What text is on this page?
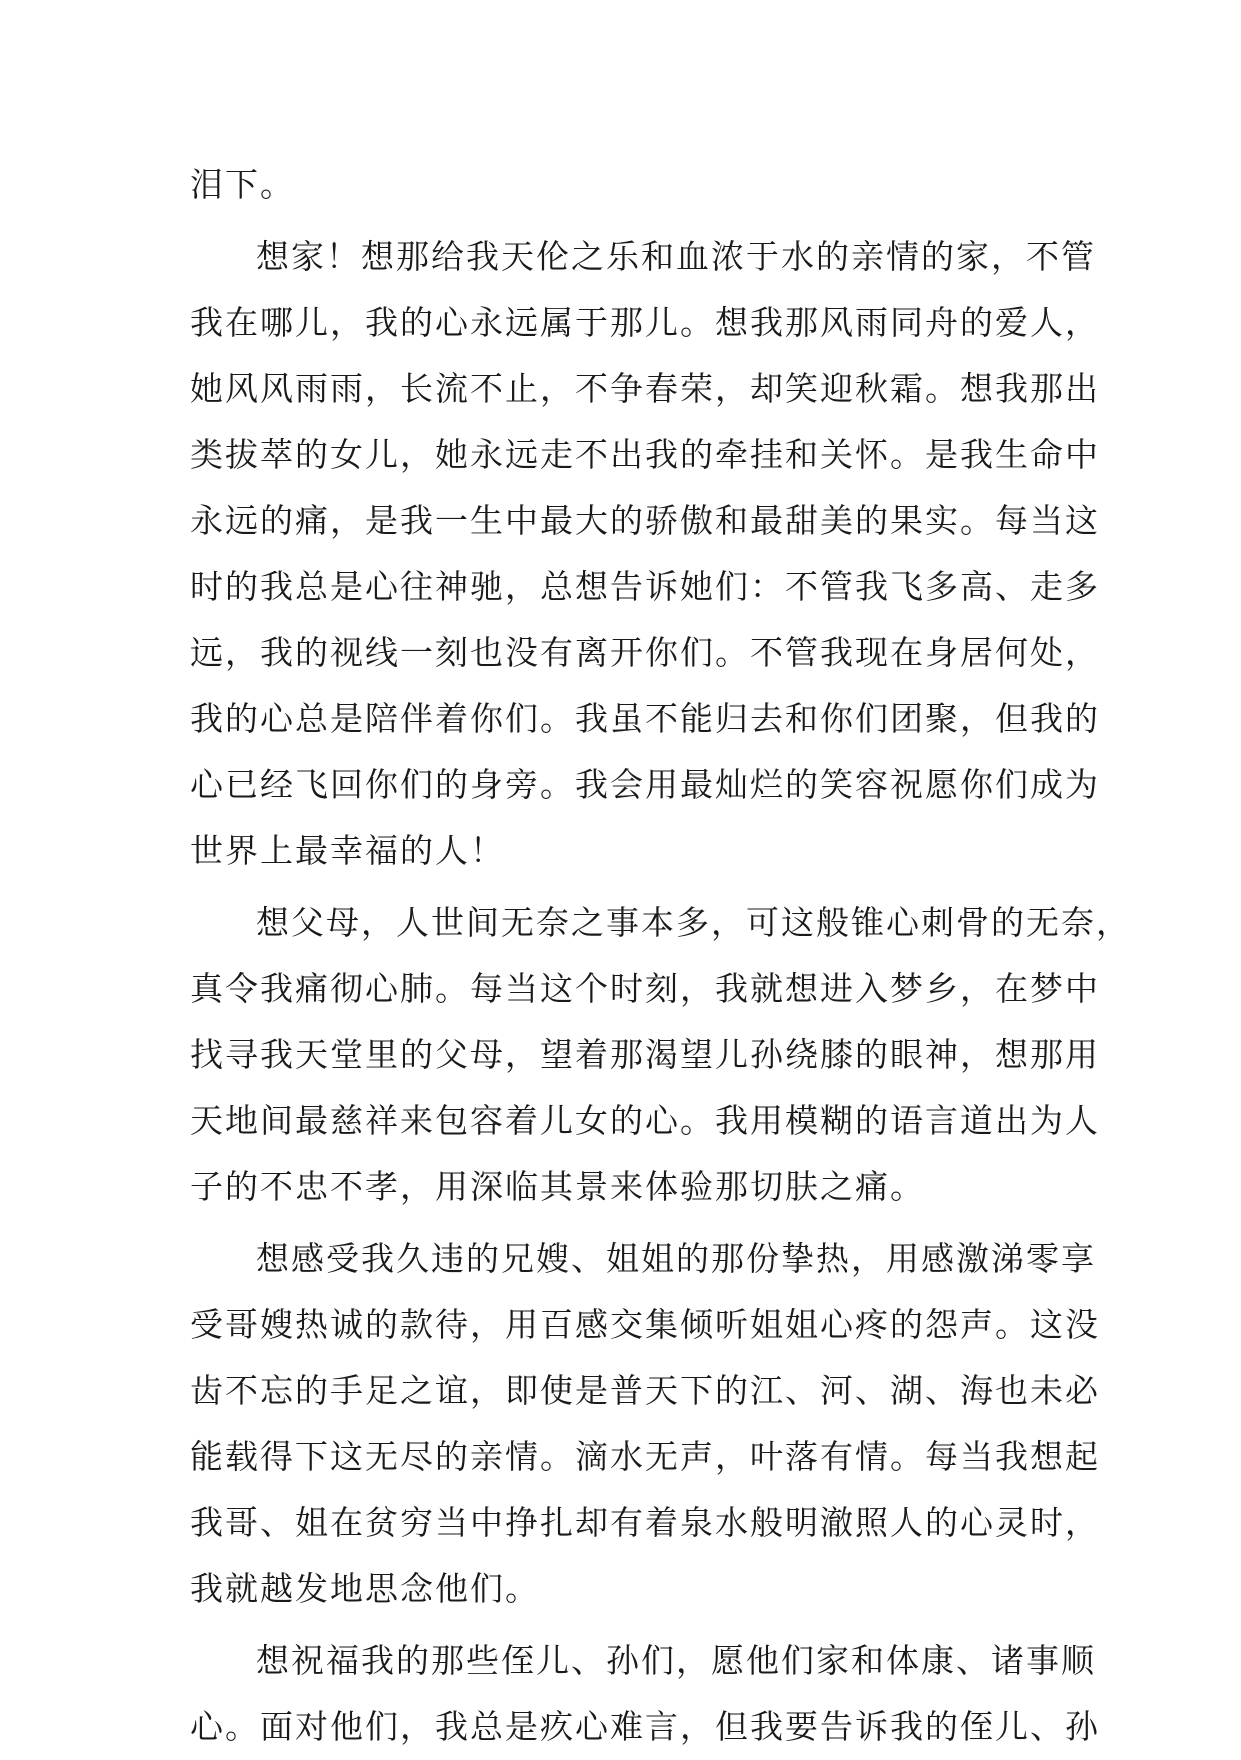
泪下。
想家！想那给我天伦之乐和血浓于水的亲情的家，不管
我在哪儿，我的心永远属于那儿。想我那风雨同舟的爱人，
她风风雨雨，长流不止，不争春荣，却笑迎秋霜。想我那出
类拔萃的女儿，她永远走不出我的牵挂和关怀。是我生命中
永远的痛，是我一生中最大的骄傲和最甜美的果实。每当这
时的我总是心往神驰，总想告诉她们：不管我飞多高、走多
远，我的视线一刻也没有离开你们。不管我现在身居何处，
我的心总是陪伴着你们。我虽不能归去和你们团聚，但我的
心已经飞回你们的身旁。我会用最灿烂的笑容祝愿你们成为
世界上最幸福的人！
想父母，人世间无奈之事本多，可这般锥心刺骨的无奈，
真令我痛彻心肺。每当这个时刻，我就想进入梦乡，在梦中
找寻我天堂里的父母，望着那渴望儿孙绕膝的眼神，想那用
天地间最慈祥来包容着儿女的心。我用模糊的语言道出为人
子的不忠不孝，用深临其景来体验那切肤之痛。
想感受我久违的兄嫂、姐姐的那份挚热，用感激涕零享
受哥嫂热诚的款待，用百感交集倾听姐姐心疼的怨声。这没
齿不忘的手足之谊，即使是普天下的江、河、湖、海也未必
能载得下这无尽的亲情。滴水无声，叶落有情。每当我想起
我哥、姐在贫穷当中挣扎却有着泉水般明澈照人的心灵时，
我就越发地思念他们。
想祝福我的那些侄儿、孙们，愿他们家和体康、诸事顺
心。面对他们，我总是疚心难言，但我要告诉我的侄儿、孙
